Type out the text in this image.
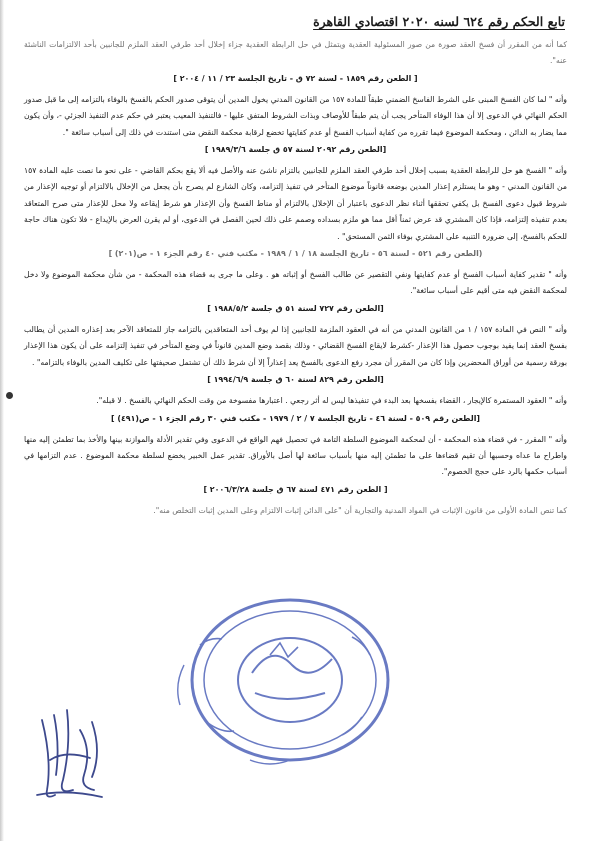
تابع الحكم رقم ٦٢٤ لسنه ٢٠٢٠ اقتصادي القاهرة
كما أنه من المقرر أن فسخ العقد صورة من صور المسئولية العقدية ويتمثل في حل الرابطة العقدية جزاء إخلال أحد طرفي العقد الملزم للجانبين بأحد الالتزامات الناشئة عنه".
[ الطعن رقم ١٨٥٩ - لسنة ٧٢ ق - تاريخ الجلسة ٢٣ / ١١ / ٢٠٠٤ ]
وأنه " لما كان الفسخ المبنى على الشرط الفاسخ الضمني طبقاً للمادة ١٥٧ من القانون المدني يخول المدين أن يتوقى صدور الحكم بالفسخ بالوفاء بالتزامه إلى ما قبل صدور الحكم النهائي في الدعوى إلا أن هذا الوفاء المتأخر يجب أن يتم طبقاً للأوصاف وبذات الشروط المتفق عليها - فالتنفيذ المعيب يعتبر في حكم عدم التنفيذ الجزئي -، وأن يكون مما يضار به الدائن ، ومحكمة الموضوع فيما تقرره من كفاية أسباب الفسخ أو عدم كفايتها تخضع لرقابة محكمة النقض متى استندت في ذلك إلى أسباب سائغة ".
[الطعن رقم ٢٠٩٢ لسنة ٥٧ ق جلسة ١٩٨٩/٣/٦ ]
وأنه " الفسخ هو حل للرابطة العقدية بسبب إخلال أحد طرفي العقد الملزم للجانبين بالتزام ناشئ عنه والأصل فيه ألا يقع بحكم القاضي - على نحو ما نصت عليه المادة ١٥٧ من القانون المدني - وهو ما يستلزم إعذار المدين بوضعه قانوناً موضوع المتأخر في تنفيذ إلتزامه، وكان الشارع لم يصرح بأن يجعل من الإخلال بالالتزام أو توجيه الإعذار من شروط قبول دعوى الفسخ بل يكفي تحققها أثناء نظر الدعوى باعتبار أن الإخلال بالالتزام أو مناط الفسخ وأن الإعذار هو شرط إيقاعه ولا محل للإعذار متى صرح المتعاقد بعدم تنفيذه إلتزامه، فإذا كان المشتري قد عرض ثمناً أقل مما هو ملزم بسداده وصمم على ذلك لحين الفصل في الدعوى، أو لم يقرن العرض بالإيداع - فلا تكون هناك حاجة للحكم بالفسخ، إلى ضرورة التنبيه على المشتري بوفاء الثمن المستحق" .
(الطعن رقم ٥٢١ - لسنة ٥٦ - تاريخ الجلسة ١٨ / ١ / ١٩٨٩ - مكتب فني ٤٠ رقم الجزء ١ - ص(٢٠١) ]
وأنه " تقدير كفاية أسباب الفسخ أو عدم كفايتها ونفي التقصير عن طالب الفسخ أو إثباته هو . وعلى ما جرى به قضاء هذه المحكمة - من شأن محكمة الموضوع ولا دخل لمحكمة النقض فيه متى أقيم على أسباب سائغة".
[الطعن رقم ٧٢٧ لسنة ٥١ ق جلسة ١٩٨٨/٥/٢ ]
وأنه " النص في المادة ١٥٧ / ١ من القانون المدني من أنه في العقود الملزمة للجانبين إذا لم يوف أحد المتعاقدين بالتزامه جاز للمتعاقد الآخر بعد إعذاره المدين أن يطالب بفسخ العقد إنما يفيد بوجوب حصول هذا الإعذار -كشرط لايقاع الفسخ القضائي - وذلك بقصد وضع المدين قانوناً في وضع المتأخر في تنفيذ إلتزامه على أن يكون هذا الإعذار بورقة رسمية من أوراق المحضرين وإذا كان من المقرر أن مجرد رفع الدعوى بالفسخ يعد إعذاراً إلا أن شرط ذلك أن تشتمل صحيفتها على تكليف المدين بالوفاء بالتزامه" .
[الطعن رقم ٨٢٩ لسنة ٦٠ ق جلسة ١٩٩٤/٦/٩ ]
وأنه " العقود المستمرة كالإيجار ، القضاء بفسخها بعد البدء في تنفيذها ليس له أثر رجعي . اعتبارها مفسوخة من وقت الحكم النهائي بالفسخ . لا قبله".
[الطعن رقم ٥٠٩ - لسنة ٤٦ - تاريخ الجلسة ٧ / ٢ / ١٩٧٩ - مكتب فني ٣٠ رقم الجزء ١ - ص(٤٩١) ]
وأنه " المقرر - في قضاء هذه المحكمة - أن لمحكمة الموضوع السلطة التامة في تحصيل فهم الواقع في الدعوى وفي تقدير الأدلة والموازنة بينها والأخذ بما تطمئن إليه منها واطراح ما عداه وحسبها أن تقيم قضاءها على ما تطمئن إليه منها بأسباب سائغة لها أصل بالأوراق. تقدير عمل الخبير يخضع لسلطة محكمة الموضوع . عدم التزامها في أسباب حكمها بالرد على حجج الخصوم".
[ الطعن رقم ٤٧١ لسنة ٦٧ ق جلسة ٢٠٠٦/٣/٢٨ ]
كما تنص المادة الأولى من قانون الإثبات في المواد المدنية والتجارية أن "على الدائن إثبات الالتزام وعلى المدين إثبات التخلص منه".
